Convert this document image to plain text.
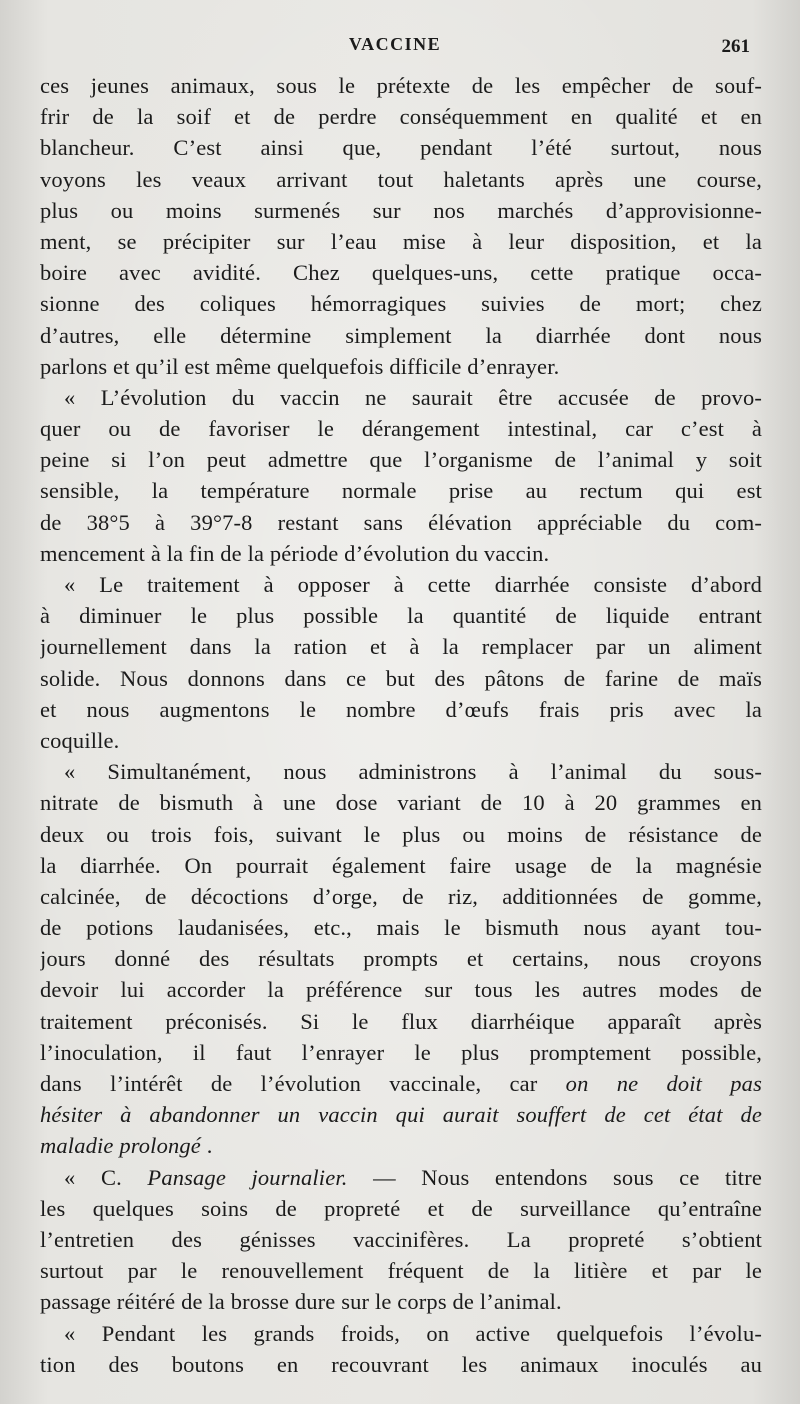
VACCINE	261
ces jeunes animaux, sous le prétexte de les empêcher de souf-
frir de la soif et de perdre conséquemment en qualité et en
blancheur. C’est ainsi que, pendant l’été surtout, nous
voyons les veaux arrivant tout haletants après une course,
plus ou moins surmenés sur nos marchés d’approvisionne-
ment, se précipiter sur l’eau mise à leur disposition, et la
boire avec avidité. Chez quelques-uns, cette pratique occa-
sionne des coliques hémorragiques suivies de mort; chez
d’autres, elle détermine simplement la diarrhée dont nous
parlons et qu’il est même quelquefois difficile d’enrayer.
« L’évolution du vaccin ne saurait être accusée de provo-
quer ou de favoriser le dérangement intestinal, car c’est à
peine si l’on peut admettre que l’organisme de l’animal y soit
sensible, la température normale prise au rectum qui est
de 38°5 à 39°7-8 restant sans élévation appréciable du com-
mencement à la fin de la période d’évolution du vaccin.
« Le traitement à opposer à cette diarrhée consiste d’abord
à diminuer le plus possible la quantité de liquide entrant
journellement dans la ration et à la remplacer par un aliment
solide. Nous donnons dans ce but des pâtons de farine de maïs
et nous augmentons le nombre d’œufs frais pris avec la
coquille.
« Simultanément, nous administrons à l’animal du sous-
nitrate de bismuth à une dose variant de 10 à 20 grammes en
deux ou trois fois, suivant le plus ou moins de résistance de
la diarrhée. On pourrait également faire usage de la magnésie
calcinée, de décoctions d’orge, de riz, additionnées de gomme,
de potions laudanisées, etc., mais le bismuth nous ayant tou-
jours donné des résultats prompts et certains, nous croyons
devoir lui accorder la préférence sur tous les autres modes de
traitement préconisés. Si le flux diarrhéique apparaît après
l’inoculation, il faut l’enrayer le plus promptement possible,
dans l’intérêt de l’évolution vaccinale, car on ne doit pas
hésiter à abandonner un vaccin qui aurait souffert de cet état de
maladie prolongé .
« C. Pansage journalier. — Nous entendons sous ce titre
les quelques soins de propreté et de surveillance qu’entraîne
l’entretien des génisses vaccinifères. La propreté s’obtient
surtout par le renouvellement fréquent de la litière et par le
passage réitéré de la brosse dure sur le corps de l’animal.
« Pendant les grands froids, on active quelquefois l’évolu-
tion des boutons en recouvrant les animaux inoculés au
